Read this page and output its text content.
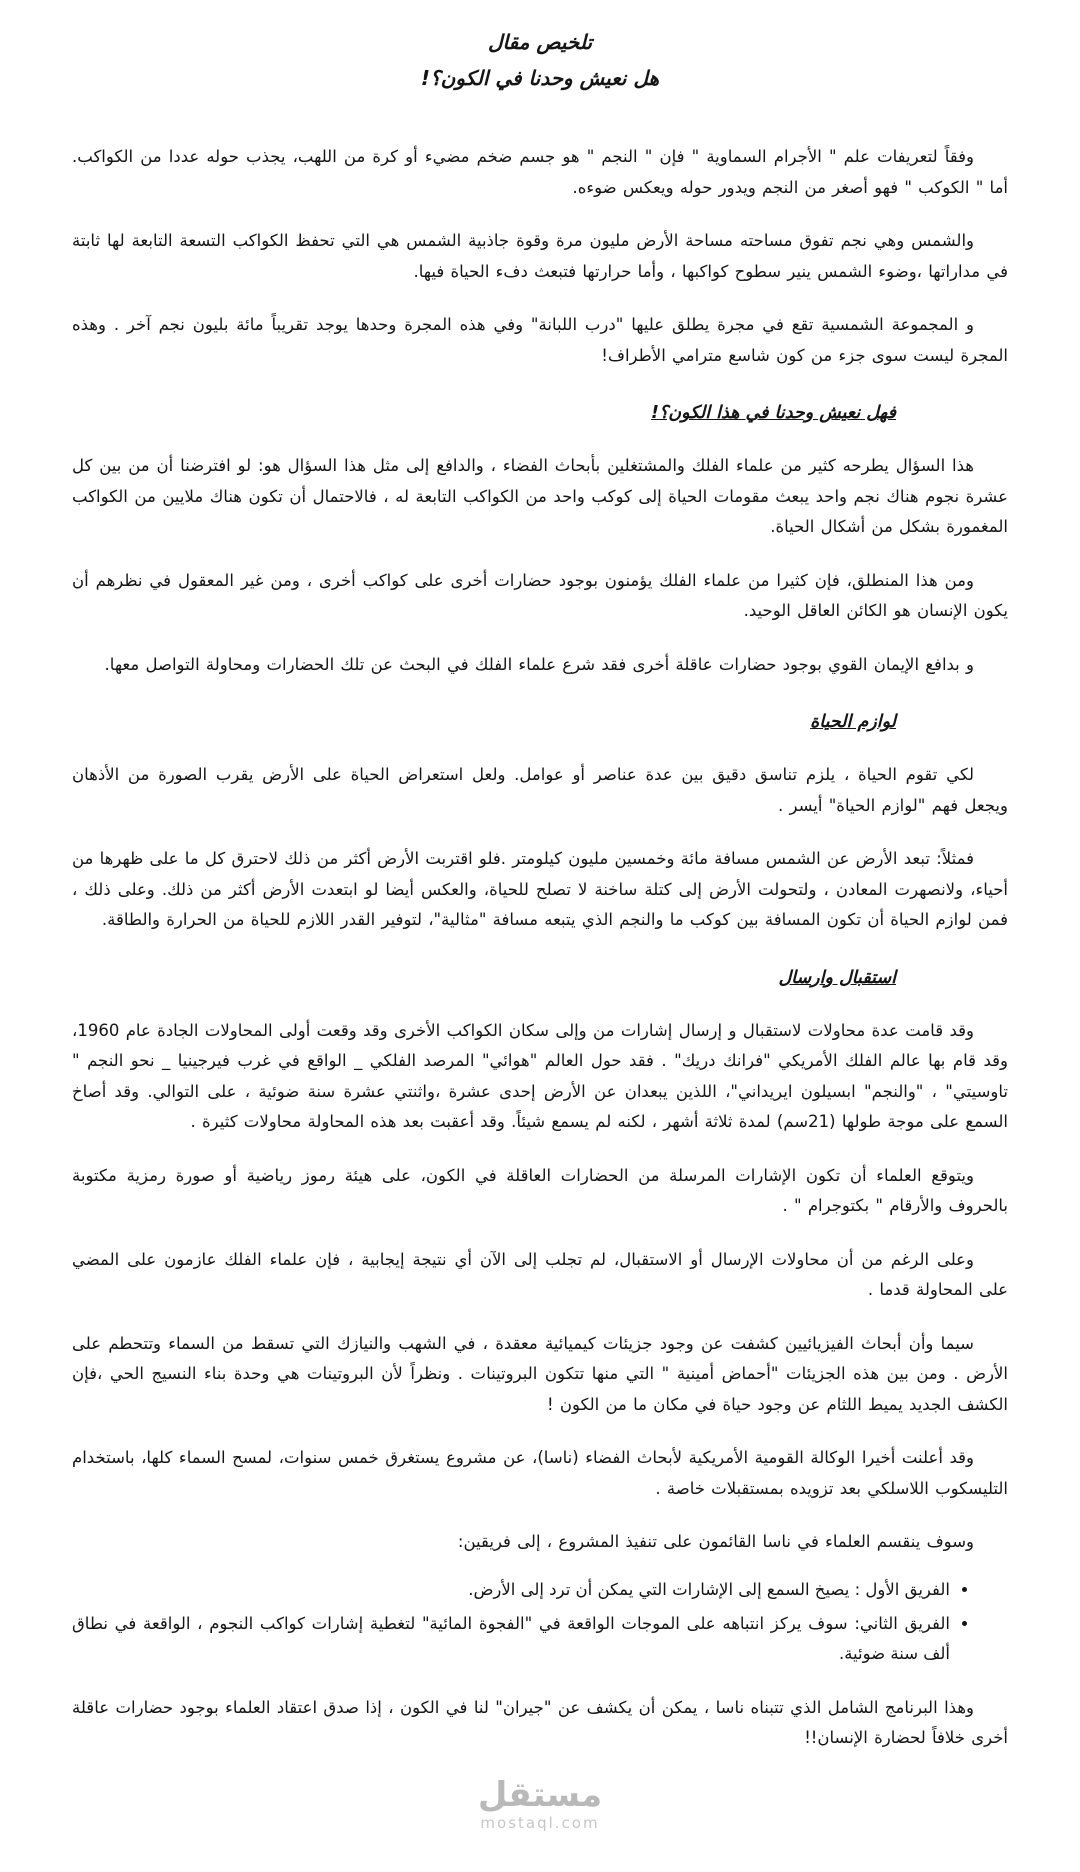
تلخيص مقال
هل نعيش وحدنا في الكون؟!

وفقاً لتعريفات علم " الأجرام السماوية " فإن " النجم " هو جسم ضخم مضيء أو كرة من اللهب، يجذب حوله عددا من الكواكب. أما " الكوكب " فهو أصغر من النجم ويدور حوله ويعكس ضوءه.

والشمس وهي نجم تفوق مساحته مساحة الأرض مليون مرة وقوة جاذبية الشمس هي التي تحفظ الكواكب التسعة التابعة لها ثابتة في مداراتها ،وضوء الشمس ينير سطوح كواكبها ، وأما حرارتها فتبعث دفء الحياة فيها.

و المجموعة الشمسية تقع في مجرة يطلق عليها "درب اللبانة" وفي هذه المجرة وحدها يوجد تقريباً مائة بليون نجم آخر . وهذه المجرة ليست سوى جزء من كون شاسع مترامي الأطراف!

فهل نعيش وحدنا في هذا الكون؟!

هذا السؤال يطرحه كثير من علماء الفلك والمشتغلين بأبحاث الفضاء ، والدافع إلى مثل هذا السؤال هو: لو افترضنا أن من بين كل عشرة نجوم هناك نجم واحد يبعث مقومات الحياة إلى كوكب واحد من الكواكب التابعة له ، فالاحتمال أن تكون هناك ملايين من الكواكب المغمورة بشكل من أشكال الحياة.

ومن هذا المنطلق، فإن كثيرا من علماء الفلك يؤمنون بوجود حضارات أخرى على كواكب أخرى ، ومن غير المعقول في نظرهم أن يكون الإنسان هو الكائن العاقل الوحيد.

و بدافع الإيمان القوي بوجود حضارات عاقلة أخرى فقد شرع علماء الفلك في البحث عن تلك الحضارات ومحاولة التواصل معها.

لوازم الحياة

لكي تقوم الحياة ، يلزم تناسق دقيق بين عدة عناصر أو عوامل. ولعل استعراض الحياة على الأرض يقرب الصورة من الأذهان ويجعل فهم "لوازم الحياة" أيسر .

فمثلاً: تبعد الأرض عن الشمس مسافة مائة وخمسين مليون كيلومتر .فلو اقتربت الأرض أكثر من ذلك لاحترق كل ما على ظهرها من أحياء، ولانصهرت المعادن ، ولتحولت الأرض إلى كتلة ساخنة لا تصلح للحياة، والعكس أيضا لو ابتعدت الأرض أكثر من ذلك. وعلى ذلك ، فمن لوازم الحياة أن تكون المسافة بين كوكب ما والنجم الذي يتبعه مسافة "مثالية"، لتوفير القدر اللازم للحياة من الحرارة والطاقة.

استقبال وارسال

وقد قامت عدة محاولات لاستقبال و إرسال إشارات من وإلى سكان الكواكب الأخرى وقد وقعت أولى المحاولات الجادة عام 1960، وقد قام بها عالم الفلك الأمريكي "فرانك دريك" . فقد حول العالم "هوائي" المرصد الفلكي _ الواقع في غرب فيرجينيا _ نحو النجم " تاوسيتي" ، "والنجم" ابسيلون ايريداني"، اللذين يبعدان عن الأرض إحدى عشرة ،واثنتي عشرة سنة ضوئية ، على التوالي. وقد أصاخ السمع على موجة طولها (21سم) لمدة ثلاثة أشهر ، لكنه لم يسمع شيئاً. وقد أعقبت بعد هذه المحاولة محاولات كثيرة .

ويتوقع العلماء أن تكون الإشارات المرسلة من الحضارات العاقلة في الكون، على هيئة رموز رياضية أو صورة رمزية مكتوبة بالحروف والأرقام " بكتوجرام " .

وعلى الرغم من أن محاولات الإرسال أو الاستقبال، لم تجلب إلى الآن أي نتيجة إيجابية ، فإن علماء الفلك عازمون على المضي على المحاولة قدما .

سيما وأن أبحاث الفيزيائيين كشفت عن وجود جزيئات كيميائية معقدة ، في الشهب والنيازك التي تسقط من السماء وتتحطم على الأرض . ومن بين هذه الجزيئات "أحماض أمينية " التي منها تتكون البروتينات . ونظراً لأن البروتينات هي وحدة بناء النسيج الحي ،فإن الكشف الجديد يميط اللثام عن وجود حياة في مكان ما من الكون !

وقد أعلنت أخيرا الوكالة القومية الأمريكية لأبحاث الفضاء (ناسا)، عن مشروع يستغرق خمس سنوات، لمسح السماء كلها، باستخدام التليسكوب اللاسلكي بعد تزويده بمستقبلات خاصة .

وسوف ينقسم العلماء في ناسا القائمون على تنفيذ المشروع ، إلى فريقين:

• الفريق الأول : يصيخ السمع إلى الإشارات التي يمكن أن ترد إلى الأرض.
• الفريق الثاني: سوف يركز انتباهه على الموجات الواقعة في "الفجوة المائية" لتغطية إشارات كواكب النجوم ، الواقعة في نطاق ألف سنة ضوئية.

وهذا البرنامج الشامل الذي تتبناه ناسا ، يمكن أن يكشف عن "جيران" لنا في الكون ، إذا صدق اعتقاد العلماء بوجود حضارات عاقلة أخرى خلافاً لحضارة الإنسان!!

مستقل
mostaql.com
